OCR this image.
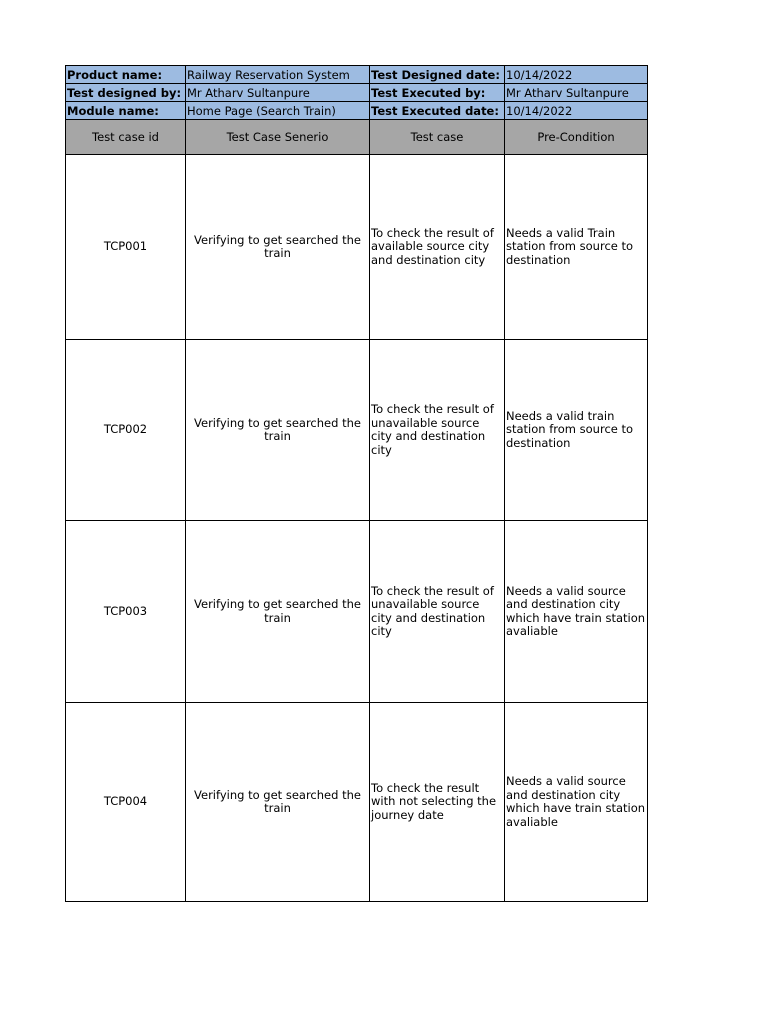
Product name:	Railway Reservation System	Test Designed date:	10/14/2022
Test designed by:	Mr Atharv Sultanpure	Test Executed by:	Mr Atharv Sultanpure
Module name:	Home Page (Search Train)	Test Executed date:	10/14/2022
Test case id	Test Case Senerio	Test case	Pre-Condition
TCP001	Verifying to get searched the train	To check the result of available source city and destination city	Needs a valid Train station from source to destination
TCP002	Verifying to get searched the train	To check the result of unavailable source city and destination city	Needs a valid train station from source to destination
TCP003	Verifying to get searched the train	To check the result of unavailable source city and destination city	Needs a valid source and destination city which have train station avaliable
TCP004	Verifying to get searched the train	To check the result with not selecting the journey date	Needs a valid source and destination city which have train station avaliable
